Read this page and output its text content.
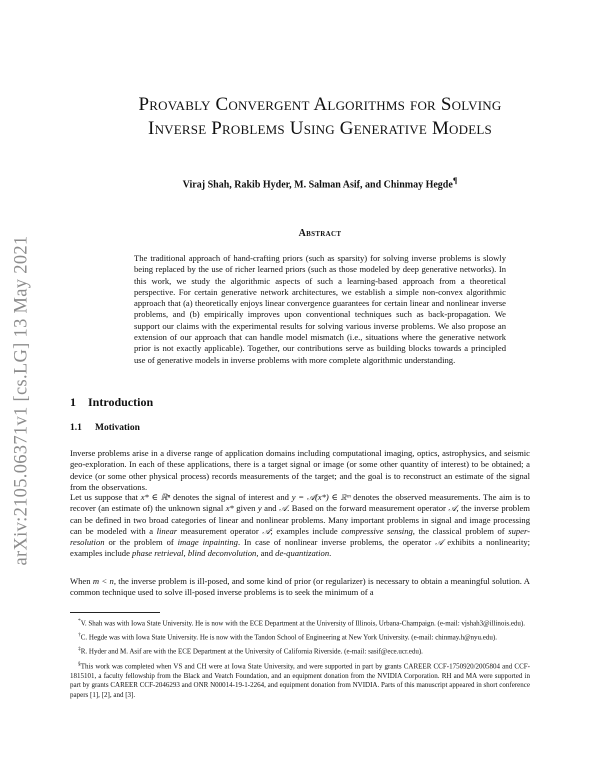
arXiv:2105.06371v1 [cs.LG] 13 May 2021
Provably Convergent Algorithms for Solving
Inverse Problems Using Generative Models
Viraj Shah, Rakib Hyder, M. Salman Asif, and Chinmay Hegde¶
Abstract
The traditional approach of hand-crafting priors (such as sparsity) for solving inverse problems is slowly being replaced by the use of richer learned priors (such as those modeled by deep generative networks). In this work, we study the algorithmic aspects of such a learning-based approach from a theoretical perspective. For certain generative network architectures, we establish a simple non-convex algorithmic approach that (a) theoretically enjoys linear convergence guarantees for certain linear and nonlinear inverse problems, and (b) empirically improves upon conventional techniques such as back-propagation. We support our claims with the experimental results for solving various inverse problems. We also propose an extension of our approach that can handle model mismatch (i.e., situations where the generative network prior is not exactly applicable). Together, our contributions serve as building blocks towards a principled use of generative models in inverse problems with more complete algorithmic understanding.
1 Introduction
1.1 Motivation
Inverse problems arise in a diverse range of application domains including computational imaging, optics, astrophysics, and seismic geo-exploration. In each of these applications, there is a target signal or image (or some other quantity of interest) to be obtained; a device (or some other physical process) records measurements of the target; and the goal is to reconstruct an estimate of the signal from the observations.
Let us suppose that x* ∈ ℝⁿ denotes the signal of interest and y = 𝒜(x*) ∈ ℝᵐ denotes the observed measurements. The aim is to recover (an estimate of) the unknown signal x* given y and 𝒜. Based on the forward measurement operator 𝒜, the inverse problem can be defined in two broad categories of linear and nonlinear problems. Many important problems in signal and image processing can be modeled with a linear measurement operator 𝒜; examples include compressive sensing, the classical problem of super-resolution or the problem of image inpainting. In case of nonlinear inverse problems, the operator 𝒜 exhibits a nonlinearity; examples include phase retrieval, blind deconvolution, and de-quantization.
When m < n, the inverse problem is ill-posed, and some kind of prior (or regularizer) is necessary to obtain a meaningful solution. A common technique used to solve ill-posed inverse problems is to seek the minimum of a
*V. Shah was with Iowa State University. He is now with the ECE Department at the University of Illinois, Urbana-Champaign. (e-mail: vjshah3@illinois.edu).
†C. Hegde was with Iowa State University. He is now with the Tandon School of Engineering at New York University. (e-mail: chinmay.h@nyu.edu).
‡R. Hyder and M. Asif are with the ECE Department at the University of California Riverside. (e-mail: sasif@ece.ucr.edu).
§This work was completed when VS and CH were at Iowa State University, and were supported in part by grants CAREER CCF-1750920/2005804 and CCF-1815101, a faculty fellowship from the Black and Veatch Foundation, and an equipment donation from the NVIDIA Corporation. RH and MA were supported in part by grants CAREER CCF-2046293 and ONR N00014-19-1-2264, and equipment donation from NVIDIA. Parts of this manuscript appeared in short conference papers [1], [2], and [3].
